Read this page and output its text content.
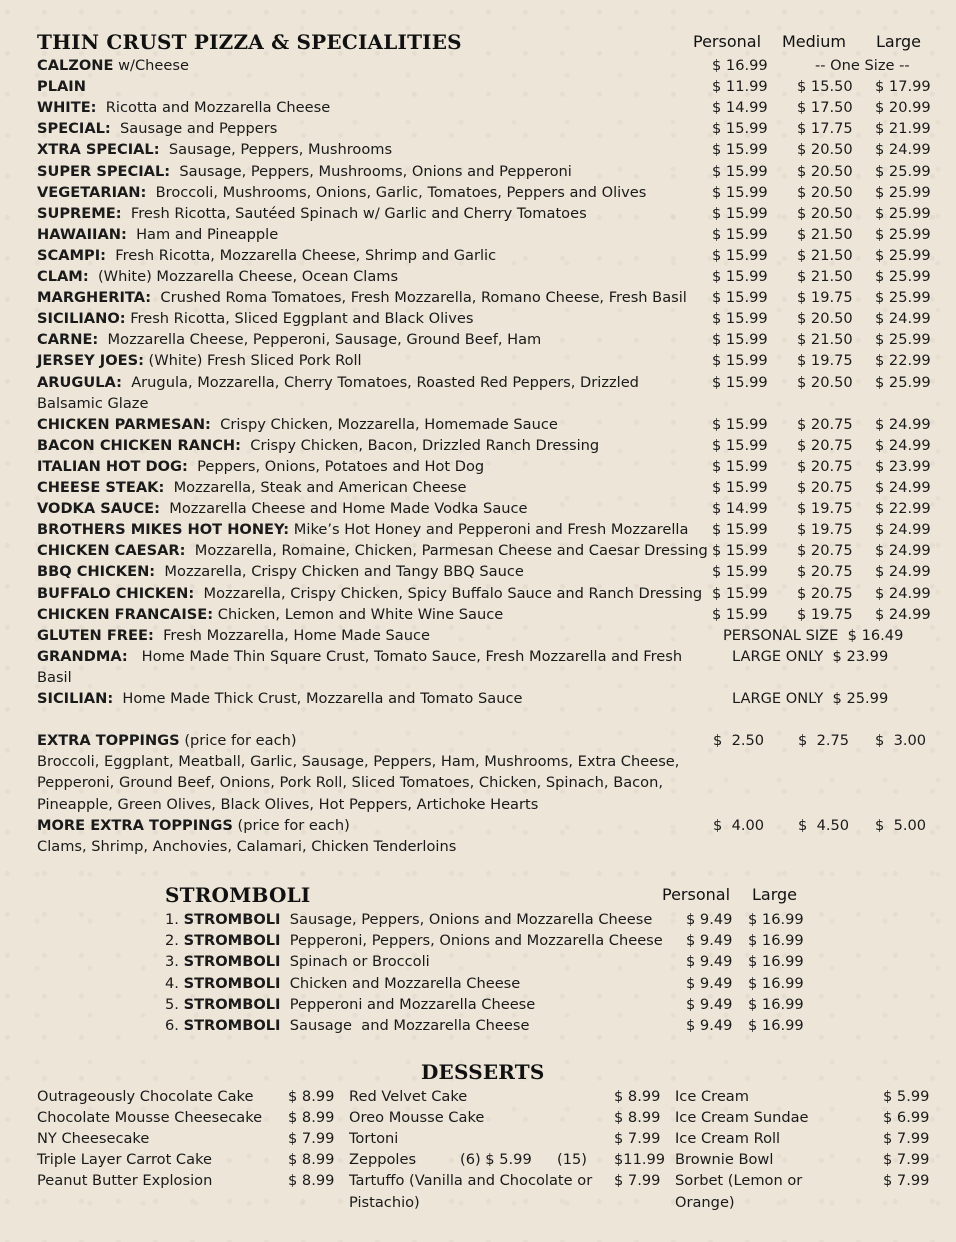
THIN CRUST PIZZA & SPECIALITIES	Personal Medium Large
CALZONE w/Cheese	$ 16.99	-- One Size --
PLAIN	$ 11.99 $ 15.50 $ 17.99
WHITE:  Ricotta and Mozzarella Cheese	$ 14.99 $ 17.50 $ 20.99
SPECIAL:  Sausage and Peppers	$ 15.99 $ 17.75 $ 21.99
XTRA SPECIAL:  Sausage, Peppers, Mushrooms	$ 15.99 $ 20.50 $ 24.99
SUPER SPECIAL:  Sausage, Peppers, Mushrooms, Onions and Pepperoni	$ 15.99 $ 20.50 $ 25.99
VEGETARIAN:  Broccoli, Mushrooms, Onions, Garlic, Tomatoes, Peppers and Olives	$ 15.99 $ 20.50 $ 25.99
SUPREME:  Fresh Ricotta, Sautéed Spinach w/ Garlic and Cherry Tomatoes	$ 15.99 $ 20.50 $ 25.99
HAWAIIAN:  Ham and Pineapple	$ 15.99 $ 21.50 $ 25.99
SCAMPI:  Fresh Ricotta, Mozzarella Cheese, Shrimp and Garlic	$ 15.99 $ 21.50 $ 25.99
CLAM:  (White) Mozzarella Cheese, Ocean Clams	$ 15.99 $ 21.50 $ 25.99
MARGHERITA:  Crushed Roma Tomatoes, Fresh Mozzarella, Romano Cheese, Fresh Basil $ 15.99 $ 19.75 $ 25.99
SICILIANO: Fresh Ricotta, Sliced Eggplant and Black Olives	$ 15.99 $ 20.50 $ 24.99
CARNE:  Mozzarella Cheese, Pepperoni, Sausage, Ground Beef, Ham	$ 15.99 $ 21.50 $ 25.99
JERSEY JOES: (White) Fresh Sliced Pork Roll	$ 15.99 $ 19.75 $ 22.99
ARUGULA:  Arugula, Mozzarella, Cherry Tomatoes, Roasted Red Peppers, Drizzled	$ 15.99 $ 20.50 $ 25.99
Balsamic Glaze
CHICKEN PARMESAN:  Crispy Chicken, Mozzarella, Homemade Sauce	$ 15.99 $ 20.75 $ 24.99
BACON CHICKEN RANCH:  Crispy Chicken, Bacon, Drizzled Ranch Dressing	$ 15.99 $ 20.75 $ 24.99
ITALIAN HOT DOG:  Peppers, Onions, Potatoes and Hot Dog	$ 15.99 $ 20.75 $ 23.99
CHEESE STEAK:  Mozzarella, Steak and American Cheese	$ 15.99 $ 20.75 $ 24.99
VODKA SAUCE:  Mozzarella Cheese and Home Made Vodka Sauce	$ 14.99 $ 19.75 $ 22.99
BROTHERS MIKES HOT HONEY: Mike’s Hot Honey and Pepperoni and Fresh Mozzarella $ 15.99 $ 19.75 $ 24.99
CHICKEN CAESAR:  Mozzarella, Romaine, Chicken, Parmesan Cheese and Caesar Dressing $ 15.99 $ 20.75 $ 24.99
BBQ CHICKEN:  Mozzarella, Crispy Chicken and Tangy BBQ Sauce	$ 15.99 $ 20.75 $ 24.99
BUFFALO CHICKEN:  Mozzarella, Crispy Chicken, Spicy Buffalo Sauce and Ranch Dressing $ 15.99 $ 20.75 $ 24.99
CHICKEN FRANCAISE: Chicken, Lemon and White Wine Sauce	$ 15.99 $ 19.75 $ 24.99
GLUTEN FREE:  Fresh Mozzarella, Home Made Sauce	PERSONAL SIZE  $ 16.49
GRANDMA:   Home Made Thin Square Crust, Tomato Sauce, Fresh Mozzarella and Fresh	LARGE ONLY  $ 23.99
Basil
SICILIAN:  Home Made Thick Crust, Mozzarella and Tomato Sauce	LARGE ONLY  $ 25.99
EXTRA TOPPINGS (price for each)	$  2.50 $  2.75 $  3.00
Broccoli, Eggplant, Meatball, Garlic, Sausage, Peppers, Ham, Mushrooms, Extra Cheese,
Pepperoni, Ground Beef, Onions, Pork Roll, Sliced Tomatoes, Chicken, Spinach, Bacon,
Pineapple, Green Olives, Black Olives, Hot Peppers, Artichoke Hearts
MORE EXTRA TOPPINGS (price for each)	$  4.00 $  4.50 $  5.00
Clams, Shrimp, Anchovies, Calamari, Chicken Tenderloins
STROMBOLI	Personal Large
1. STROMBOLI  Sausage, Peppers, Onions and Mozzarella Cheese $ 9.49 $ 16.99
2. STROMBOLI  Pepperoni, Peppers, Onions and Mozzarella Cheese $ 9.49 $ 16.99
3. STROMBOLI  Spinach or Broccoli	$ 9.49 $ 16.99
4. STROMBOLI  Chicken and Mozzarella Cheese	$ 9.49 $ 16.99
5. STROMBOLI  Pepperoni and Mozzarella Cheese	$ 9.49 $ 16.99
6. STROMBOLI  Sausage  and Mozzarella Cheese	$ 9.49 $ 16.99
DESSERTS
Outrageously Chocolate Cake $ 8.99
Chocolate Mousse Cheesecake $ 8.99
NY Cheesecake	$ 7.99
Triple Layer Carrot Cake	$ 8.99
Peanut Butter Explosion	$ 8.99
Red Velvet Cake	$ 8.99
Oreo Mousse Cake	$ 8.99
Tortoni	$ 7.99
Zeppoles	(6) $ 5.99 (15) $11.99
Tartuffo (Vanilla and Chocolate or
Pistachio)
$ 7.99
Ice Cream	$ 5.99
Ice Cream Sundae	$ 6.99
Ice Cream Roll	$ 7.99
Brownie Bowl	$ 7.99
Sorbet (Lemon or
Orange)
$ 7.99
